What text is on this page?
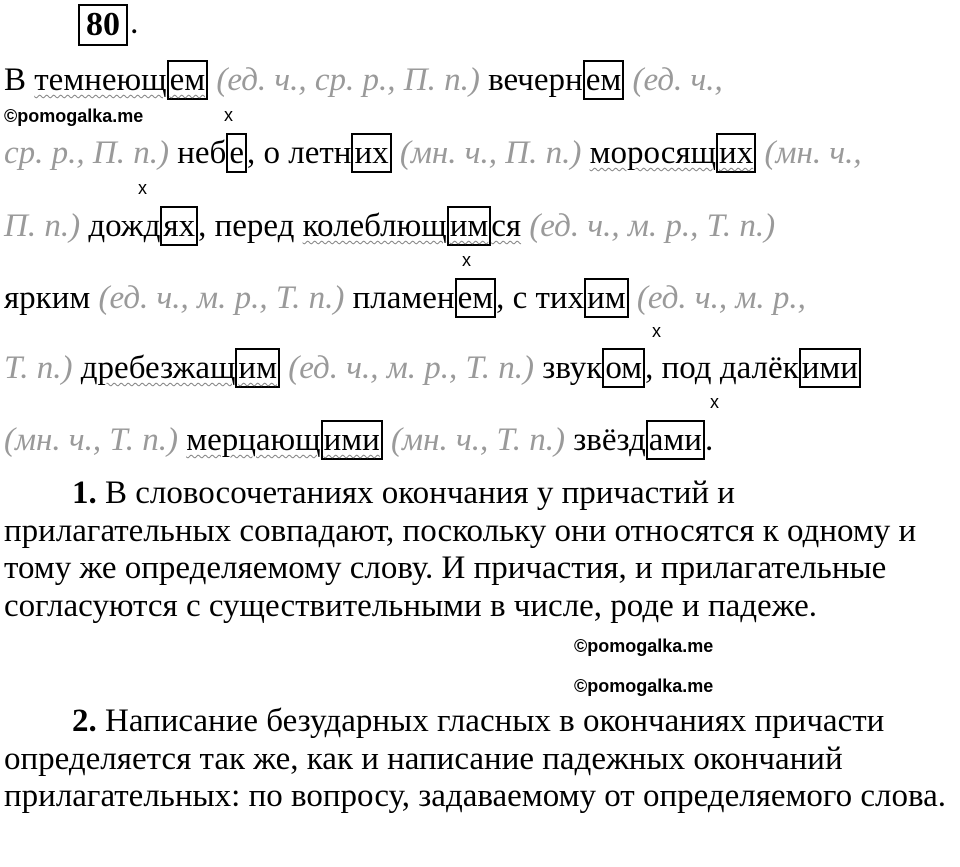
80 .
В темнеющем (ед. ч., ср. р., П. п.) вечернем (ед. ч.,
ср. р., П. п.) небе, о летних (мн. ч., П. п.) моросящих (мн. ч.,
П. п.) дождях, перед колеблющимся (ед. ч., м. р., Т. п.)
ярким (ед. ч., м. р., Т. п.) пламенем, с тихим (ед. ч., м. р.,
Т. п.) дребезжащим (ед. ч., м. р., Т. п.) звуком, под далёкими
(мн. ч., Т. п.) мерцающими (мн. ч., Т. п.) звёздами.
х
х
х
х
х
©pomogalka.me
©pomogalka.me
©pomogalka.me
1. В словосочетаниях окончания у причастий и прилагательных совпадают, поскольку они относятся к одному и тому же определяемому слову. И причастия, и прилагательные согласуются с существительными в числе, роде и падеже.
2. Написание безударных гласных в окончаниях причасти определяется так же, как и написание падежных окончаний прилагательных: по вопросу, задаваемому от определяемого слова.
